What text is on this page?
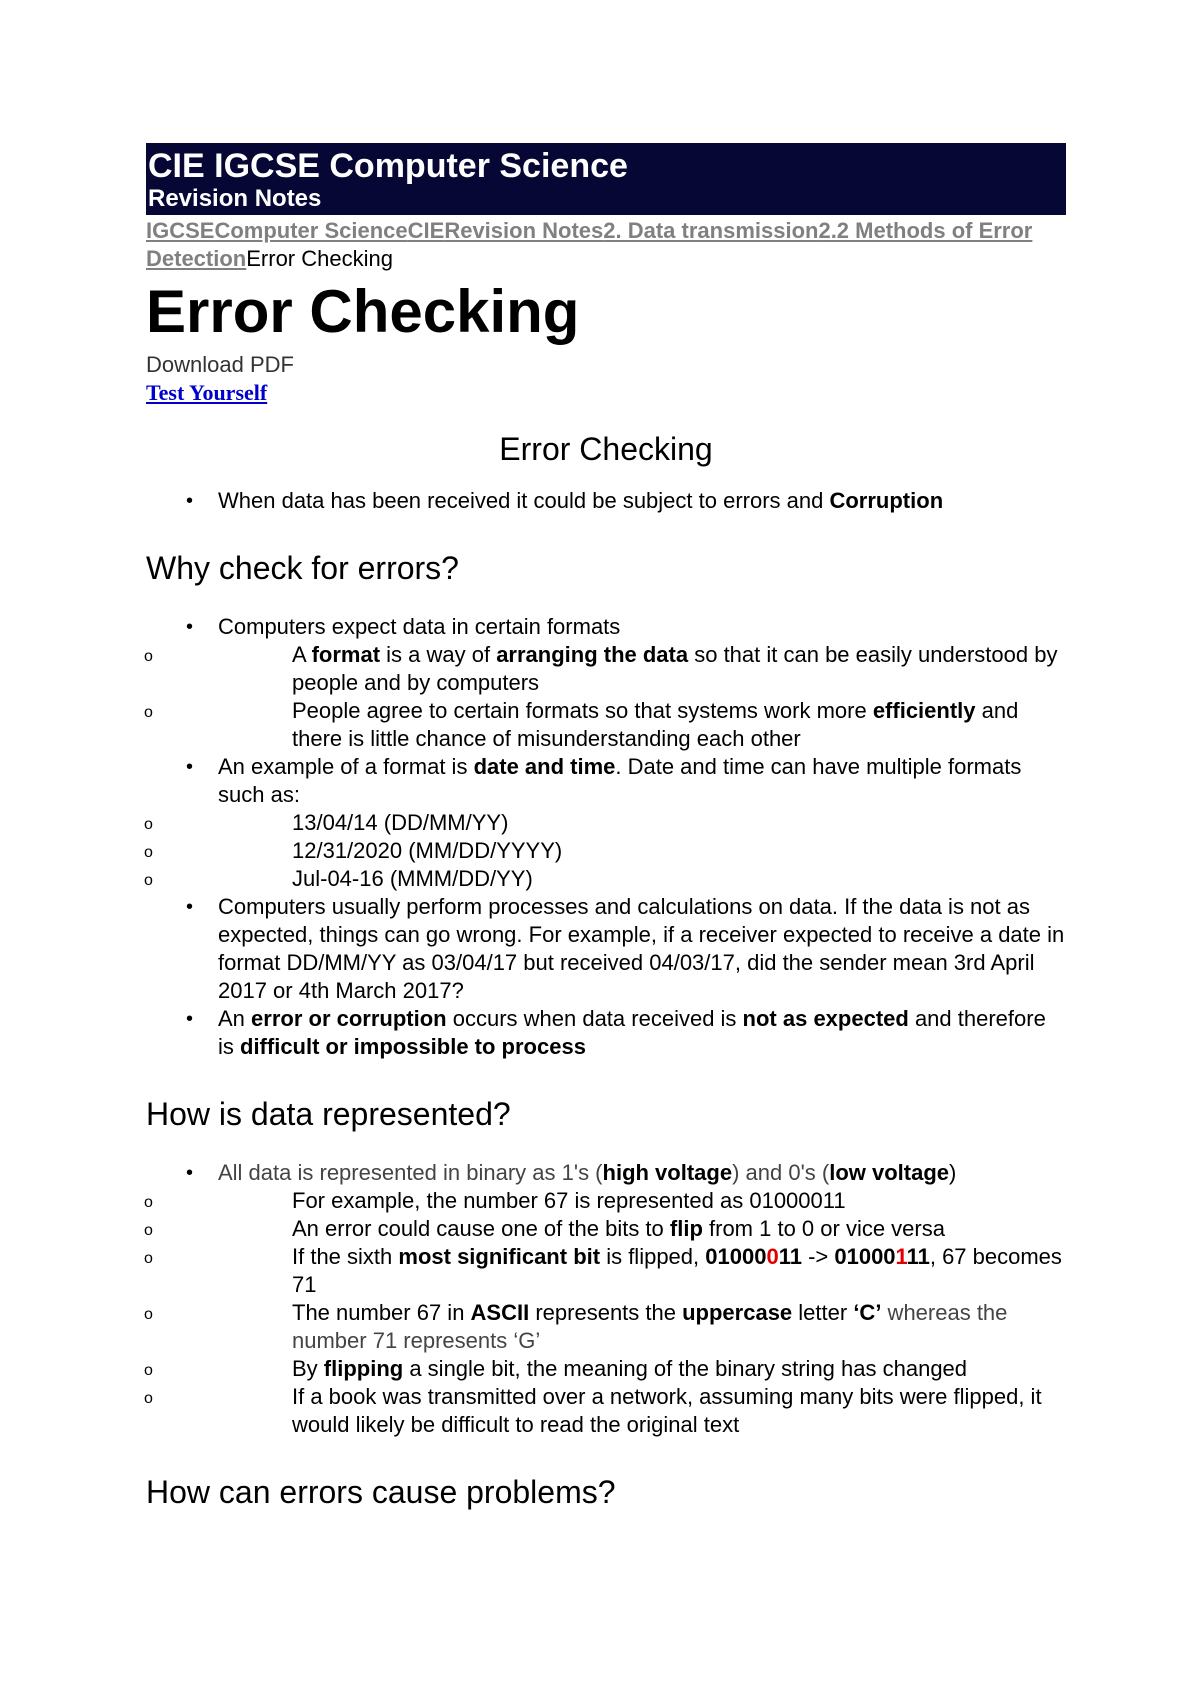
CIE IGCSE Computer Science
Revision Notes
IGCSEComputer ScienceCIERevision Notes2. Data transmission2.2 Methods of Error DetectionError Checking
Error Checking
Download PDF
Test Yourself
Error Checking
• When data has been received it could be subject to errors and Corruption
Why check for errors?
• Computers expect data in certain formats
o A format is a way of arranging the data so that it can be easily understood by people and by computers
o People agree to certain formats so that systems work more efficiently and there is little chance of misunderstanding each other
• An example of a format is date and time. Date and time can have multiple formats such as:
o 13/04/14 (DD/MM/YY)
o 12/31/2020 (MM/DD/YYYY)
o Jul-04-16 (MMM/DD/YY)
• Computers usually perform processes and calculations on data. If the data is not as expected, things can go wrong. For example, if a receiver expected to receive a date in format DD/MM/YY as 03/04/17 but received 04/03/17, did the sender mean 3rd April 2017 or 4th March 2017?
• An error or corruption occurs when data received is not as expected and therefore is difficult or impossible to process
How is data represented?
• All data is represented in binary as 1's (high voltage) and 0's (low voltage)
o For example, the number 67 is represented as 01000011
o An error could cause one of the bits to flip from 1 to 0 or vice versa
o If the sixth most significant bit is flipped, 01000011 -> 01000111, 67 becomes 71
o The number 67 in ASCII represents the uppercase letter ‘C’ whereas the number 71 represents ‘G’
o By flipping a single bit, the meaning of the binary string has changed
o If a book was transmitted over a network, assuming many bits were flipped, it would likely be difficult to read the original text
How can errors cause problems?
